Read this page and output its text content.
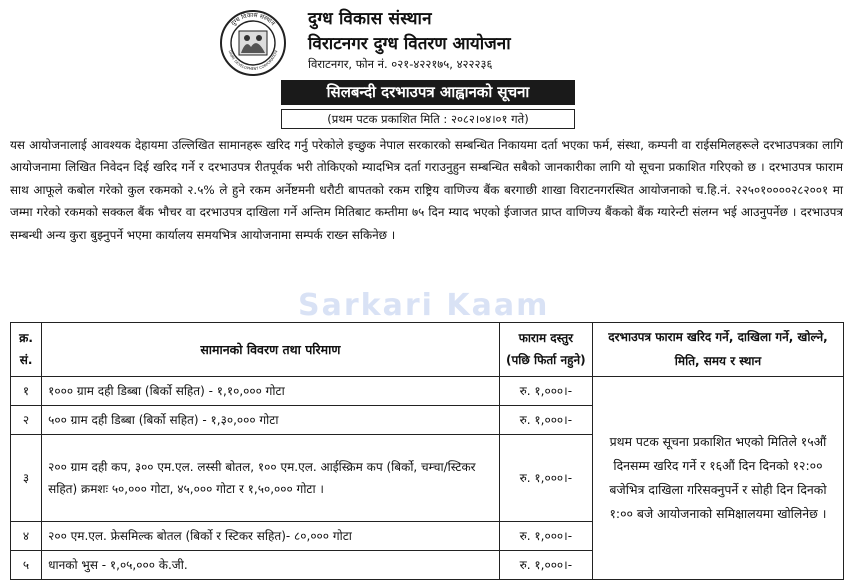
दुग्ध विकास संस्थान
DAIRY DEVELOPMENT CORPORATION
दुग्ध विकास संस्थान
विराटनगर दुग्ध वितरण आयोजना
विराटनगर, फोन नं. ०२१-४२२१७५, ४२२२३६
सिलबन्दी दरभाउपत्र आह्वानको सूचना
(प्रथम पटक प्रकाशित मिति : २०८२।०४।०१ गते)
यस आयोजनालाई आवश्यक देहायमा उल्लिखित सामानहरू खरिद गर्नु परेकोले इच्छुक नेपाल सरकारको सम्बन्धित निकायमा दर्ता भएका फर्म, संस्था, कम्पनी वा राईसमिलहरूले दरभाउपत्रका लागि आयोजनामा लिखित निवेदन दिई खरिद गर्ने र दरभाउपत्र रीतपूर्वक भरी तोकिएको म्यादभित्र दर्ता गराउनुहुन सम्बन्धित सबैको जानकारीका लागि यो सूचना प्रकाशित गरिएको छ । दरभाउपत्र फाराम साथ आफूले कबोल गरेको कुल रकमको २.५% ले हुने रकम अर्नेष्टमनी धरौटी बापतको रकम राष्ट्रिय वाणिज्य बैंक बरगाछी शाखा विराटनगरस्थित आयोजनाको च.हि.नं. २२५०१००००२८२००१ मा जम्मा गरेको रकमको सक्कल बैंक भौचर वा दरभाउपत्र दाखिला गर्ने अन्तिम मितिबाट कम्तीमा ७५ दिन म्याद भएको ईजाजत प्राप्त वाणिज्य बैंकको बैंक ग्यारेन्टी संलग्न भई आउनुपर्नेछ । दरभाउपत्र सम्बन्धी अन्य कुरा बुझ्नुपर्ने भएमा कार्यालय समयभित्र आयोजनामा सम्पर्क राख्न सकिनेछ ।
Sarkari Kaam
क्र. सं.	सामानको विवरण तथा परिमाण	फाराम दस्तुर (पछि फिर्ता नहुने)	दरभाउपत्र फाराम खरिद गर्ने, दाखिला गर्ने, खोल्ने, मिति, समय र स्थान
१	१००० ग्राम दही डिब्बा (बिर्को सहित) - १,१०,००० गोटा	रु. १,०००।-	प्रथम पटक सूचना प्रकाशित भएको मितिले १५औं दिनसम्म खरिद गर्ने र १६औं दिन दिनको १२:०० बजेभित्र दाखिला गरिसक्नुपर्ने र सोही दिन दिनको १:०० बजे आयोजनाको समिक्षालयमा खोलिनेछ ।
२	५०० ग्राम दही डिब्बा (बिर्को सहित) - १,३०,००० गोटा	रु. १,०००।-	
३	२०० ग्राम दही कप, ३०० एम.एल. लस्सी बोतल, १०० एम.एल. आईस्क्रिम कप (बिर्को, चम्चा/स्टिकर सहित) क्रमशः ५०,००० गोटा, ४५,००० गोटा र १,५०,००० गोटा ।	रु. १,०००।-	
४	२०० एम.एल. फ्रेसमिल्क बोतल (बिर्को र स्टिकर सहित)- ८०,००० गोटा	रु. १,०००।-	
५	धानको भुस - १,०५,००० के.जी.	रु. १,०००।-	
